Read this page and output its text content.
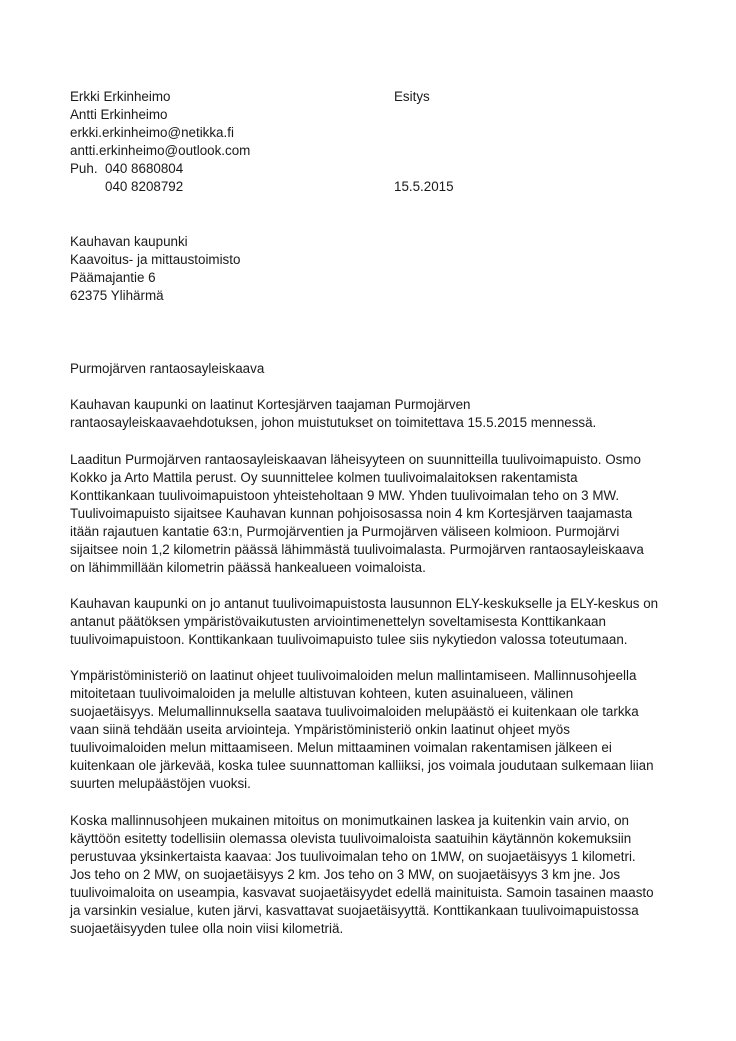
Erkki Erkinheimo
Antti Erkinheimo
erkki.erkinheimo@netikka.fi
antti.erkinheimo@outlook.com
Puh. 040 8680804
040 8208792
Esitys
15.5.2015
Kauhavan kaupunki
Kaavoitus- ja mittaustoimisto
Päämajantie 6
62375 Ylihärmä
Purmojärven rantaosayleiskaava

Kauhavan kaupunki on laatinut Kortesjärven taajaman Purmojärven
rantaosayleiskaavaehdotuksen, johon muistutukset on toimitettava 15.5.2015 mennessä.

Laaditun Purmojärven rantaosayleiskaavan läheisyyteen on suunnitteilla tuulivoimapuisto. Osmo
Kokko ja Arto Mattila perust. Oy suunnittelee kolmen tuulivoimalaitoksen rakentamista
Konttikankaan tuulivoimapuistoon yhteisteholtaan 9 MW. Yhden tuulivoimalan teho on 3 MW.
Tuulivoimapuisto sijaitsee Kauhavan kunnan pohjoisosassa noin 4 km Kortesjärven taajamasta
itään rajautuen kantatie 63:n, Purmojärventien ja Purmojärven väliseen kolmioon. Purmojärvi
sijaitsee noin 1,2 kilometrin päässä lähimmästä tuulivoimalasta. Purmojärven rantaosayleiskaava
on lähimmillään kilometrin päässä hankealueen voimaloista.

Kauhavan kaupunki on jo antanut tuulivoimapuistosta lausunnon ELY-keskukselle ja ELY-keskus on
antanut päätöksen ympäristövaikutusten arviointimenettelyn soveltamisesta Konttikankaan
tuulivoimapuistoon. Konttikankaan tuulivoimapuisto tulee siis nykytiedon valossa toteutumaan.

Ympäristöministeriö on laatinut ohjeet tuulivoimaloiden melun mallintamiseen. Mallinnusohjeella
mitoitetaan tuulivoimaloiden ja melulle altistuvan kohteen, kuten asuinalueen, välinen
suojaetäisyys. Melumallinnuksella saatava tuulivoimaloiden melupäästö ei kuitenkaan ole tarkka
vaan siinä tehdään useita arviointeja. Ympäristöministeriö onkin laatinut ohjeet myös
tuulivoimaloiden melun mittaamiseen. Melun mittaaminen voimalan rakentamisen jälkeen ei
kuitenkaan ole järkevää, koska tulee suunnattoman kalliiksi, jos voimala joudutaan sulkemaan liian
suurten melupäästöjen vuoksi.

Koska mallinnusohjeen mukainen mitoitus on monimutkainen laskea ja kuitenkin vain arvio, on
käyttöön esitetty todellisiin olemassa olevista tuulivoimaloista saatuihin käytännön kokemuksiin
perustuvaa yksinkertaista kaavaa: Jos tuulivoimalan teho on 1MW, on suojaetäisyys 1 kilometri.
Jos teho on 2 MW, on suojaetäisyys 2 km. Jos teho on 3 MW, on suojaetäisyys 3 km jne. Jos
tuulivoimaloita on useampia, kasvavat suojaetäisyydet edellä mainituista. Samoin tasainen maasto
ja varsinkin vesialue, kuten järvi, kasvattavat suojaetäisyyttä. Konttikankaan tuulivoimapuistossa
suojaetäisyyden tulee olla noin viisi kilometriä.
